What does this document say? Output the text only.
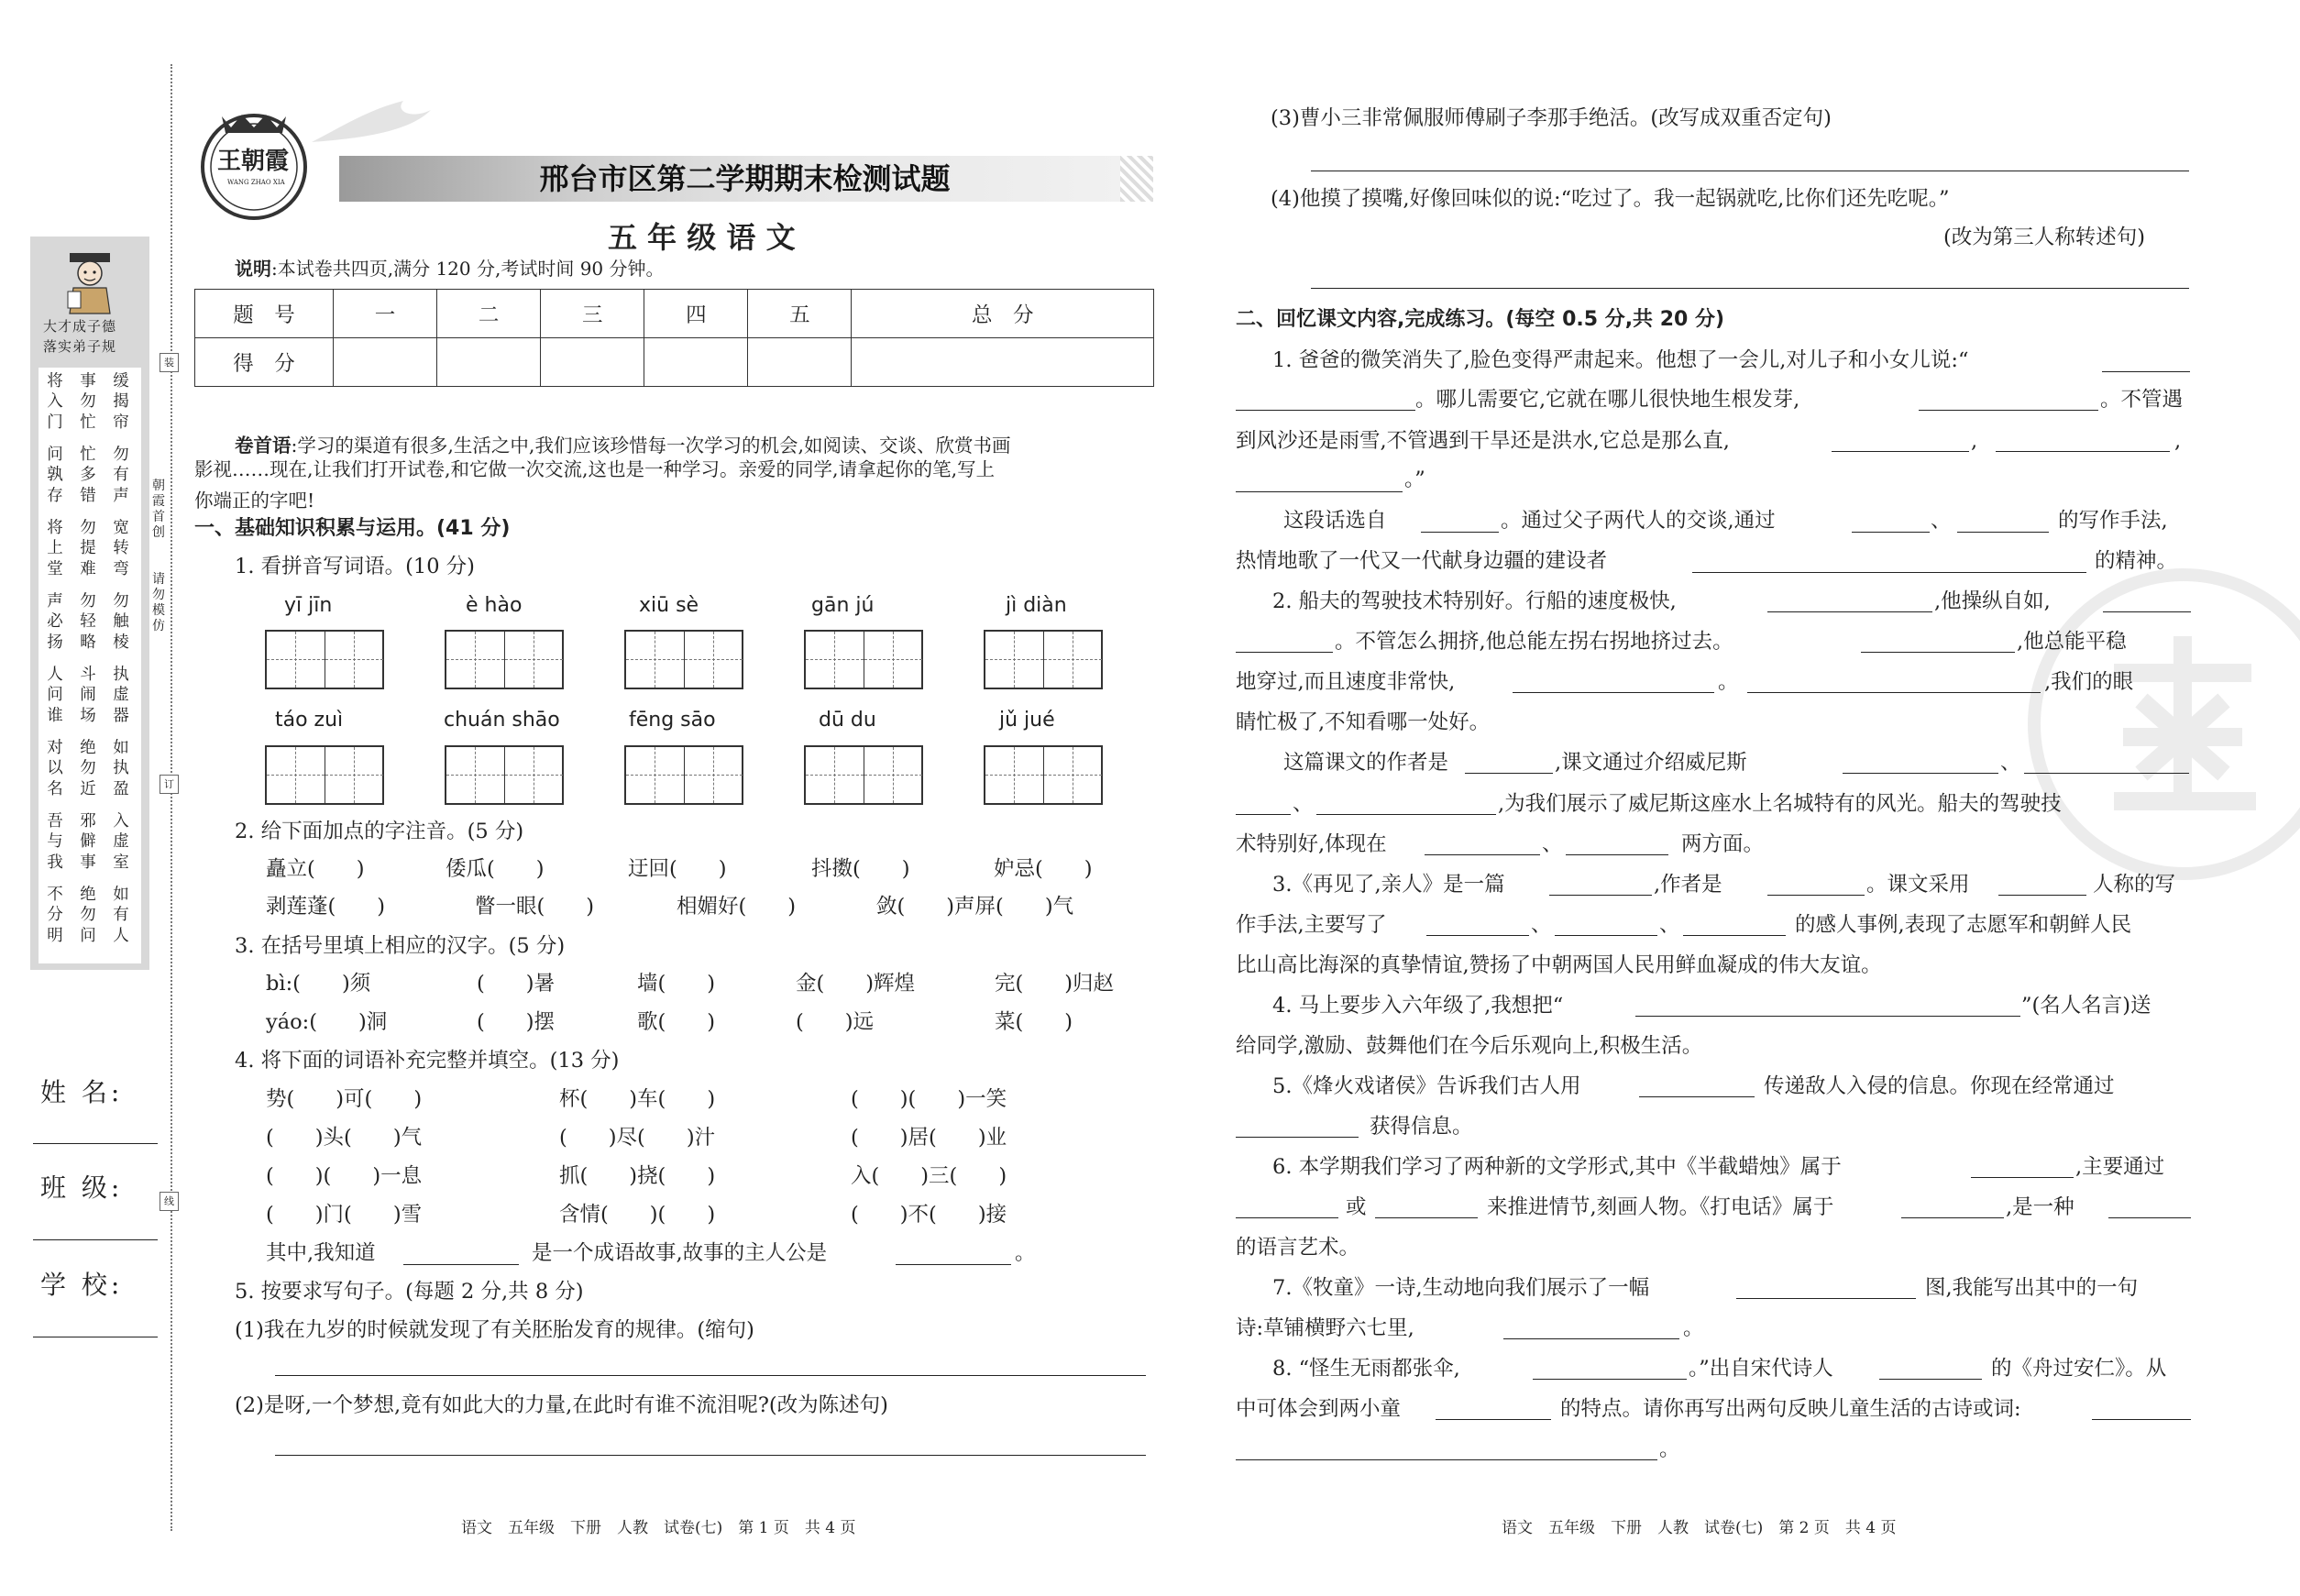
大才成子德
落实弟子规
将入门
事勿忙
缓揭帘
问孰存
忙多错
勿有声
将上堂
勿提难
宽转弯
声必扬
勿轻略
勿触棱
人问谁
斗闹场
执虚器
对以名
绝勿近
如执盈
吾与我
邪僻事
入虚室
不分明
绝勿问
如有人
姓 名:
班 级:
学 校:
装
订
线
朝霞首创
请勿模仿
王朝霞
WANG ZHAO XIA	邢台市区第二学期期末检测试题
五 年 级 语 文
说明:本试卷共四页,满分 120 分,考试时间 90 分钟。
题　号	一	二	三	四	五	总　分
得　分						
卷首语:学习的渠道有很多,生活之中,我们应该珍惜每一次学习的机会,如阅读、交谈、欣赏书画
影视……现在,让我们打开试卷,和它做一次交流,这也是一种学习。亲爱的同学,请拿起你的笔,写上
你端正的字吧!
一、基础知识积累与运用。(41 分)
1. 看拼音写词语。(10 分)
yī jīn	è hào	xiū sè	gān jú	jì diàn
táo zuì	chuán shāo	fēng sāo	dū du	jǔ jué
2. 给下面加点的字注音。(5 分)
矗立(　　)	倭瓜(　　)	迂回(　　)	抖擞(　　)	妒忌(　　)
剥莲蓬(　　)	瞥一眼(　　)	相媚好(　　)	敛(　　)声屏(　　)气
3. 在括号里填上相应的汉字。(5 分)
bì:(　　)须	(　　)暑	墙(　　)	金(　　)辉煌	完(　　)归赵
yáo:(　　)洞	(　　)摆	歌(　　)	(　　)远	菜(　　)
4. 将下面的词语补充完整并填空。(13 分)
势(　　)可(　　)	杯(　　)车(　　)	(　　)(　　)一笑
(　　)头(　　)气	(　　)尽(　　)汁	(　　)居(　　)业
(　　)(　　)一息	抓(　　)挠(　　)	入(　　)三(　　)
(　　)门(　　)雪	含情(　　)(　　)	(　　)不(　　)接
其中,我知道	是一个成语故事,故事的主人公是	。
5. 按要求写句子。(每题 2 分,共 8 分)
(1)我在九岁的时候就发现了有关胚胎发育的规律。(缩句)
(2)是呀,一个梦想,竟有如此大的力量,在此时有谁不流泪呢?(改为陈述句)
语文　五年级　下册　人教　试卷(七)　第 1 页　共 4 页
(3)曹小三非常佩服师傅刷子李那手绝活。(改写成双重否定句)
(4)他摸了摸嘴,好像回味似的说:“吃过了。我一起锅就吃,比你们还先吃呢。”
(改为第三人称转述句)
二、回忆课文内容,完成练习。(每空 0.5 分,共 20 分)
1. 爸爸的微笑消失了,脸色变得严肃起来。他想了一会儿,对儿子和小女儿说:“
。哪儿需要它,它就在哪儿很快地生根发芽,	。不管遇
到风沙还是雨雪,不管遇到干旱还是洪水,它总是那么直,	,	,
。”
这段话选自	。通过父子两代人的交谈,通过	、	的写作手法,
热情地歌了一代又一代献身边疆的建设者	的精神。
2. 船夫的驾驶技术特别好。行船的速度极快,	,他操纵自如,
。不管怎么拥挤,他总能左拐右拐地挤过去。	,他总能平稳
地穿过,而且速度非常快,	。	,我们的眼
睛忙极了,不知看哪一处好。
这篇课文的作者是	,课文通过介绍威尼斯	、
、	,为我们展示了威尼斯这座水上名城特有的风光。船夫的驾驶技
术特别好,体现在	、	两方面。
3.《再见了,亲人》是一篇	,作者是	。课文采用	人称的写
作手法,主要写了	、	、	的感人事例,表现了志愿军和朝鲜人民
比山高比海深的真挚情谊,赞扬了中朝两国人民用鲜血凝成的伟大友谊。
4. 马上要步入六年级了,我想把“	”(名人名言)送
给同学,激励、鼓舞他们在今后乐观向上,积极生活。
5.《烽火戏诸侯》告诉我们古人用	传递敌人入侵的信息。你现在经常通过
获得信息。
6. 本学期我们学习了两种新的文学形式,其中《半截蜡烛》属于	,主要通过
或	来推进情节,刻画人物。《打电话》属于	,是一种
的语言艺术。
7.《牧童》一诗,生动地向我们展示了一幅	图,我能写出其中的一句
诗:草铺横野六七里,	。
8. “怪生无雨都张伞,	。”出自宋代诗人	的《舟过安仁》。从
中可体会到两小童	的特点。请你再写出两句反映儿童生活的古诗或词:
。
语文　五年级　下册　人教　试卷(七)　第 2 页　共 4 页
